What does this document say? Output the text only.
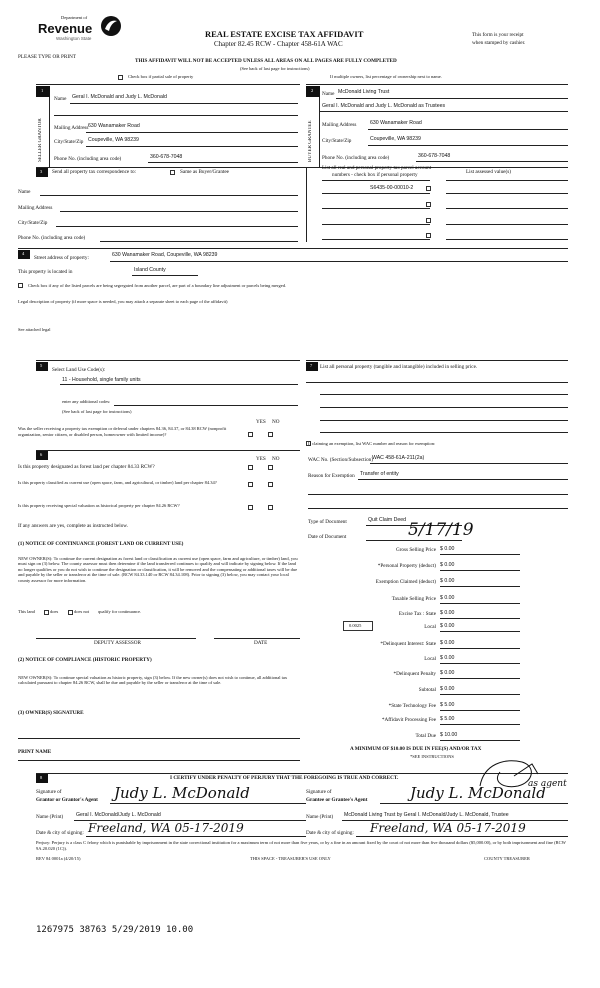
Department of
Revenue
Washington State	REAL ESTATE EXCISE TAX AFFIDAVIT
Chapter 82.45 RCW - Chapter 458-61A WAC
This form is your receipt
when stamped by cashier.
PLEASE TYPE OR PRINT
THIS AFFIDAVIT WILL NOT BE ACCEPTED UNLESS ALL AREAS ON ALL PAGES ARE FULLY COMPLETED
(See back of last page for instructions)
Check box if partial sale of property	If multiple owners, list percentage of ownership next to name.
1
SELLER GRANTOR
Name Geral I. McDonald and Judy L. McDonald
Mailing Address 630 Wanamaker Road
City/State/Zip Coupeville, WA 98239
Phone No. (including area code)	360-678-7048
2
BUYER GRANTEE
Name McDonald Living Trust
Geral I. McDonald and Judy L. McDonald as Trustees
Mailing Address	630 Wanamaker Road
City/State/Zip	Coupeville, WA 98239
Phone No. (including area code)	360-678-7048
3 Send all property tax correspondence to:	Same as Buyer/Grantee
List all real and personal property tax parcel account
numbers - check box if personal property	List assessed value(s)
Name
Mailing Address
City/State/Zip
Phone No. (including area code)
S6435-00-00010-2
4
Street address of property:	630 Wanamaker Road, Coupeville, WA 98239
This property is located in	Island County
Check box if any of the listed parcels are being segregated from another parcel, are part of a boundary line adjustment or parcels being merged.
Legal description of property (if more space is needed, you may attach a separate sheet to each page of the affidavit)
See attached legal
5
Select Land Use Code(s):
11 - Household, single family units
enter any additional codes:
(See back of last page for instructions)
YES NO
Was the seller receiving a property tax exemption or deferral under chapters 84.36, 84.37, or 84.38 RCW (nonprofit organization, senior citizen, or disabled person, homeowner with limited income)?
7 List all personal property (tangible and intangible) included in selling price.
If claiming an exemption, list WAC number and reason for exemption:
6
YES NO
Is this property designated as forest land per chapter 84.33 RCW?
Is this property classified as current use (open space, farm, and agricultural, or timber) land per chapter 84.34?
Is this property receiving special valuation as historical property per chapter 84.26 RCW?
If any answers are yes, complete as instructed below.
(1) NOTICE OF CONTINUANCE (FOREST LAND OR CURRENT USE)
NEW OWNER(S): To continue the current designation as forest land or classification as current use (open space, farm and agriculture, or timber) land, you must sign on (3) below. The county assessor must then determine if the land transferred continues to qualify and will indicate by signing below. If the land no longer qualifies or you do not wish to continue the designation or classification, it will be removed and the compensating or additional taxes will be due and payable by the seller or transferor at the time of sale. (RCW 84.33.140 or RCW 84.34.108). Prior to signing (3) below, you may contact your local county assessor for more information.
This land	does	does not qualify for continuance.
DEPUTY ASSESSOR	DATE
(2) NOTICE OF COMPLIANCE (HISTORIC PROPERTY)
NEW OWNER(S): To continue special valuation as historic property, sign (3) below. If the new owner(s) does not wish to continue, all additional tax calculated pursuant to chapter 84.26 RCW, shall be due and payable by the seller or transferor at the time of sale.
(3) OWNER(S) SIGNATURE
PRINT NAME
WAC No. (Section/Subsection) WAC 458-61A-211(2a)
Reason for Exemption Transfer of entity
Type of Document	Quit Claim Deed
Date of Document	5/17/19
Gross Selling Price $ 0.00
*Personal Property (deduct) $ 0.00
Exemption Claimed (deduct) $ 0.00
Taxable Selling Price $ 0.00
Excise Tax : State $ 0.00
Local $ 0.00
*Delinquent Interest: State $ 0.00
Local $ 0.00
*Delinquent Penalty $ 0.00
Subtotal $ 0.00
*State Technology Fee $ 5.00
*Affidavit Processing Fee $ 5.00
Total Due $ 10.00
0.0025
A MINIMUM OF $10.00 IS DUE IN FEE(S) AND/OR TAX
*SEE INSTRUCTIONS
8	I CERTIFY UNDER PENALTY OF PERJURY THAT THE FOREGOING IS TRUE AND CORRECT.
Signature of
Grantor or Grantor's Agent Judy L. McDonald
Name (Print) Geral I. McDonald/Judy L. McDonald
Date & city of signing: Freeland, WA 05-17-2019
Signature of
Grantee or Grantee's Agent	Judy L. McDonald
as agent
Name (Print) McDonald Living Trust by Geral I. McDonald/Judy L. McDonald, Trustee
Date & city of signing: Freeland, WA 05-17-2019
Perjury: Perjury is a class C felony which is punishable by imprisonment in the state correctional institution for a maximum term of not more than five years, or by a fine in an amount fixed by the court of not more than five thousand dollars ($5,000.00), or by both imprisonment and fine (RCW 9A.20.020 (1C)).
REV 84 0001a (4/20/15)	THIS SPACE - TREASURER'S USE ONLY	COUNTY TREASURER
1267975 38763 5/29/2019 10.00
